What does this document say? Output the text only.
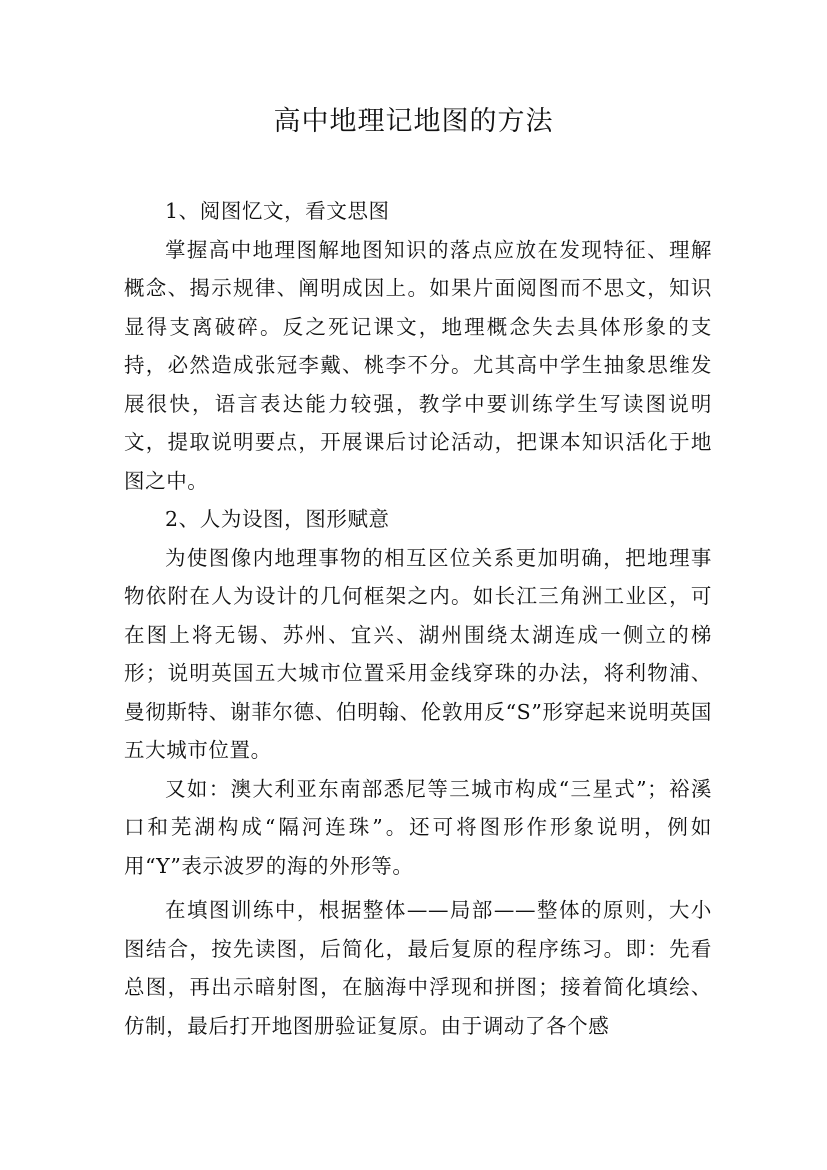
高中地理记地图的方法

1、阅图忆文，看文思图

掌握高中地理图解地图知识的落点应放在发现特征、理解概念、揭示规律、阐明成因上。如果片面阅图而不思文，知识显得支离破碎。反之死记课文，地理概念失去具体形象的支持，必然造成张冠李戴、桃李不分。尤其高中学生抽象思维发展很快，语言表达能力较强，教学中要训练学生写读图说明文，提取说明要点，开展课后讨论活动，把课本知识活化于地图之中。

2、人为设图，图形赋意

为使图像内地理事物的相互区位关系更加明确，把地理事物依附在人为设计的几何框架之内。如长江三角洲工业区，可在图上将无锡、苏州、宜兴、湖州围绕太湖连成一侧立的梯形；说明英国五大城市位置采用金线穿珠的办法，将利物浦、曼彻斯特、谢菲尔德、伯明翰、伦敦用反“S”形穿起来说明英国五大城市位置。

又如：澳大利亚东南部悉尼等三城市构成“三星式”；裕溪口和芜湖构成“隔河连珠”。还可将图形作形象说明，例如用“Y”表示波罗的海的外形等。

在填图训练中，根据整体——局部——整体的原则，大小图结合，按先读图，后简化，最后复原的程序练习。即：先看总图，再出示暗射图，在脑海中浮现和拼图；接着简化填绘、仿制，最后打开地图册验证复原。由于调动了各个感
